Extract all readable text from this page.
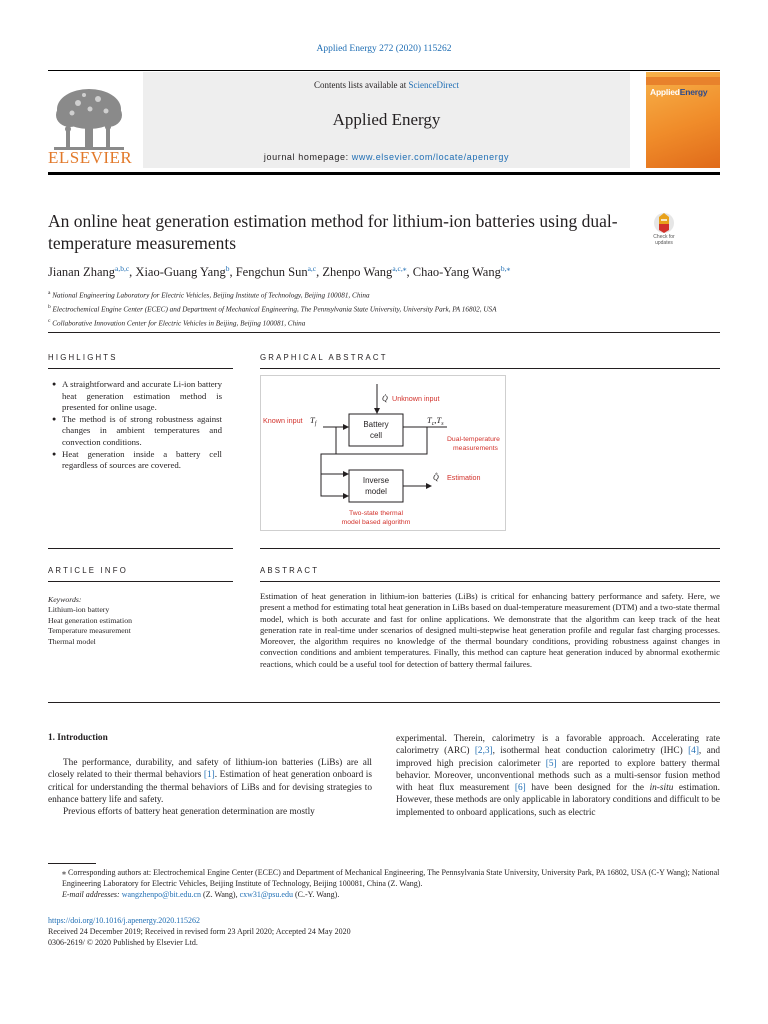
Applied Energy 272 (2020) 115262
ELSEVIER
Contents lists available at ScienceDirect
Applied Energy
journal homepage: www.elsevier.com/locate/apenergy
AppliedEnergy
An online heat generation estimation method for lithium-ion batteries using dual-temperature measurements	Check for updates
Jianan Zhang$^{a,b,c}$, Xiao-Guang Yang$^b$, Fengchun Sun$^{a,c}$, Zhenpo Wang$^{a,c,⁎}$, Chao-Yang Wang$^{b,⁎}$
$^a$ National Engineering Laboratory for Electric Vehicles, Beijing Institute of Technology, Beijing 100081, China
$^b$ Electrochemical Engine Center (ECEC) and Department of Mechanical Engineering, The Pennsylvania State University, University Park, PA 16802, USA
$^c$ Collaborative Innovation Center for Electric Vehicles in Beijing, Beijing 100081, China
HIGHLIGHTS	GRAPHICAL ABSTRACT
● A straightforward and accurate Li-ion battery heat generation estimation method is presented for online usage.
● The method is of strong robustness against changes in ambient temperatures and convection conditions.
● Heat generation inside a battery cell regardless of sources are covered.
Q̇ Unknown input
Known input $T_f$	Battery
cell
$T_c,T_s$
Dual-temperature
measurements
Inverse
model
Q̂ Estimation
Two-state thermal
model based algorithm
ARTICLE INFO	ABSTRACT
Keywords:
Lithium-ion battery
Heat generation estimation
Temperature measurement
Thermal model
Estimation of heat generation in lithium-ion batteries (LiBs) is critical for enhancing battery performance and safety. Here, we present a method for estimating total heat generation in LiBs based on dual-temperature measurement (DTM) and a two-state thermal model, which is both accurate and fast for online applications. We demonstrate that the algorithm can keep track of the heat generation rate in real-time under scenarios of designed multi-stepwise heat generation profile and regular fast charging processes. Moreover, the algorithm requires no knowledge of the thermal boundary conditions, providing robustness against changes in convection conditions and ambient temperatures. Finally, this method can capture heat generation induced by abnormal exothermic reactions, which could be a useful tool for detection of battery thermal failures.
1. Introduction

The performance, durability, and safety of lithium-ion batteries (LiBs) are all closely related to their thermal behaviors [1]. Estimation of heat generation onboard is critical for understanding the thermal behaviors of LiBs and for devising strategies to enhance battery life and safety.

Previous efforts of battery heat generation determination are mostly

experimental. Therein, calorimetry is a favorable approach. Accelerating rate calorimetry (ARC) [2,3], isothermal heat conduction calorimetry (IHC) [4], and improved high precision calorimeter [5] are reported to explore battery thermal behavior. Moreover, unconventional methods such as a multi-sensor fusion method with heat flux measurement [6] have been designed for the in-situ estimation. However, these methods are only applicable in laboratory conditions and difficult to be implemented to onboard applications, such as electric
⁎ Corresponding authors at: Electrochemical Engine Center (ECEC) and Department of Mechanical Engineering, The Pennsylvania State University, University Park, PA 16802, USA (C-Y Wang); National Engineering Laboratory for Electric Vehicles, Beijing Institute of Technology, Beijing 100081, China (Z. Wang).
E-mail addresses: wangzhenpo@bit.edu.cn (Z. Wang), cxw31@psu.edu (C.-Y. Wang).
https://doi.org/10.1016/j.apenergy.2020.115262
Received 24 December 2019; Received in revised form 23 April 2020; Accepted 24 May 2020
0306-2619/ © 2020 Published by Elsevier Ltd.
